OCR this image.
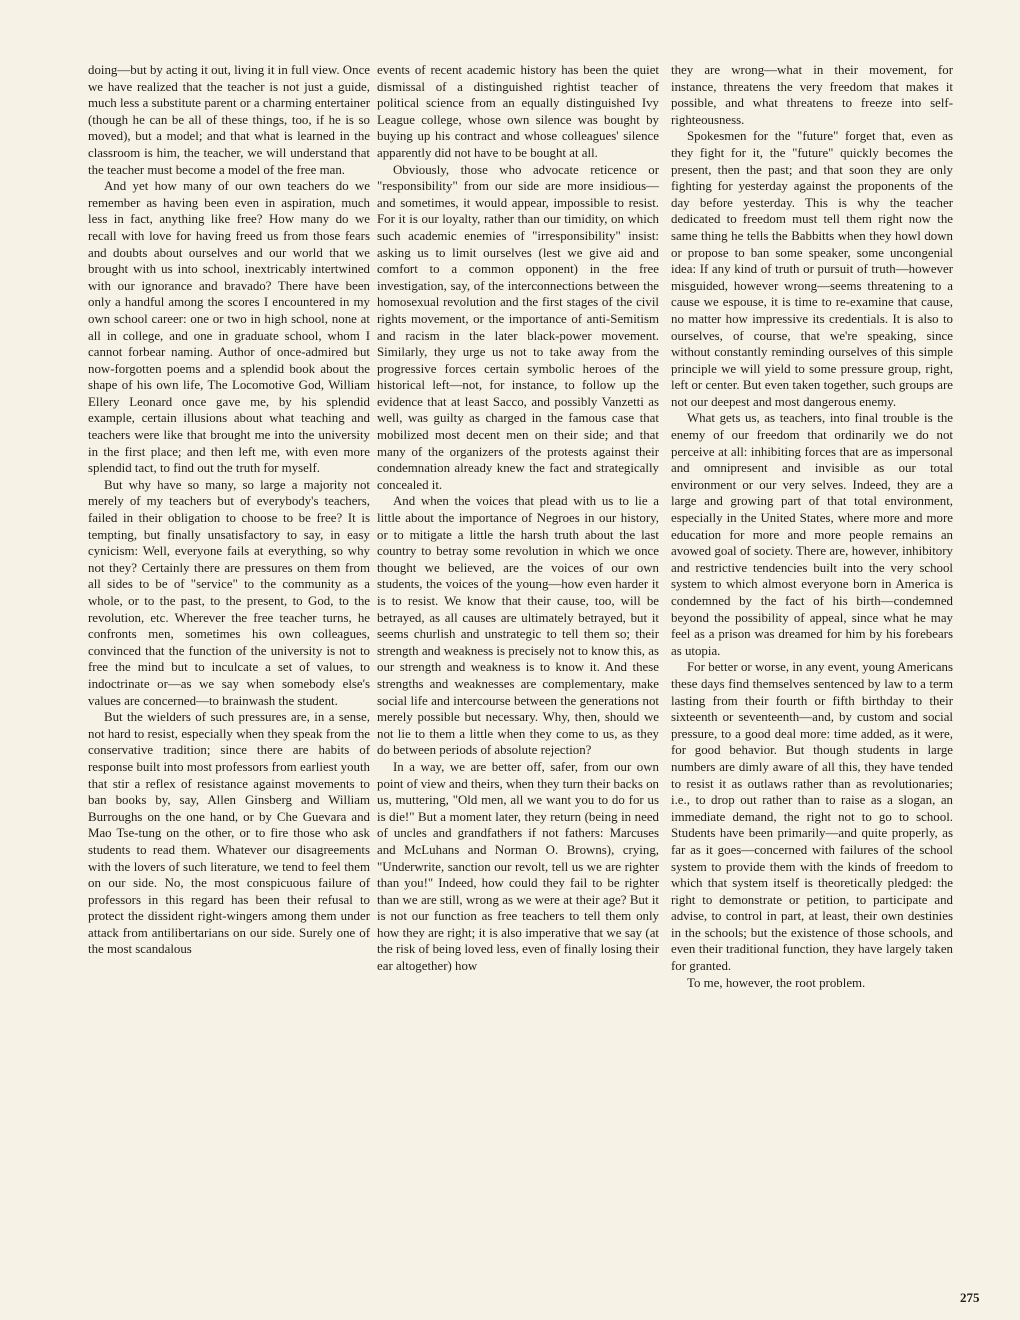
doing—but by acting it out, living it in full view. Once we have realized that the teacher is not just a guide, much less a substitute parent or a charming entertainer (though he can be all of these things, too, if he is so moved), but a model; and that what is learned in the classroom is him, the teacher, we will understand that the teacher must become a model of the free man.

And yet how many of our own teachers do we remember as having been even in aspiration, much less in fact, anything like free? How many do we recall with love for having freed us from those fears and doubts about ourselves and our world that we brought with us into school, inextricably intertwined with our ignorance and bravado? There have been only a handful among the scores I encountered in my own school career: one or two in high school, none at all in college, and one in graduate school, whom I cannot forbear naming. Author of once-admired but now-forgotten poems and a splendid book about the shape of his own life, The Locomotive God, William Ellery Leonard once gave me, by his splendid example, certain illusions about what teaching and teachers were like that brought me into the university in the first place; and then left me, with even more splendid tact, to find out the truth for myself.

But why have so many, so large a majority not merely of my teachers but of everybody's teachers, failed in their obligation to choose to be free? It is tempting, but finally unsatisfactory to say, in easy cynicism: Well, everyone fails at everything, so why not they? Certainly there are pressures on them from all sides to be of "service" to the community as a whole, or to the past, to the present, to God, to the revolution, etc. Wherever the free teacher turns, he confronts men, sometimes his own colleagues, convinced that the function of the university is not to free the mind but to inculcate a set of values, to indoctrinate or—as we say when somebody else's values are concerned—to brainwash the student.

But the wielders of such pressures are, in a sense, not hard to resist, especially when they speak from the conservative tradition; since there are habits of response built into most professors from earliest youth that stir a reflex of resistance against movements to ban books by, say, Allen Ginsberg and William Burroughs on the one hand, or by Che Guevara and Mao Tse-tung on the other, or to fire those who ask students to read them. Whatever our disagreements with the lovers of such literature, we tend to feel them on our side. No, the most conspicuous failure of professors in this regard has been their refusal to protect the dissident right-wingers among them under attack from antilibertarians on our side. Surely one of the most scandalous

events of recent academic history has been the quiet dismissal of a distinguished rightist teacher of political science from an equally distinguished Ivy League college, whose own silence was bought by buying up his contract and whose colleagues' silence apparently did not have to be bought at all.

Obviously, those who advocate reticence or "responsibility" from our side are more insidious—and sometimes, it would appear, impossible to resist. For it is our loyalty, rather than our timidity, on which such academic enemies of "irresponsibility" insist: asking us to limit ourselves (lest we give aid and comfort to a common opponent) in the free investigation, say, of the interconnections between the homosexual revolution and the first stages of the civil rights movement, or the importance of anti-Semitism and racism in the later black-power movement. Similarly, they urge us not to take away from the progressive forces certain symbolic heroes of the historical left—not, for instance, to follow up the evidence that at least Sacco, and possibly Vanzetti as well, was guilty as charged in the famous case that mobilized most decent men on their side; and that many of the organizers of the protests against their condemnation already knew the fact and strategically concealed it.

And when the voices that plead with us to lie a little about the importance of Negroes in our history, or to mitigate a little the harsh truth about the last country to betray some revolution in which we once thought we believed, are the voices of our own students, the voices of the young—how even harder it is to resist. We know that their cause, too, will be betrayed, as all causes are ultimately betrayed, but it seems churlish and unstrategic to tell them so; their strength and weakness is precisely not to know this, as our strength and weakness is to know it. And these strengths and weaknesses are complementary, make social life and intercourse between the generations not merely possible but necessary. Why, then, should we not lie to them a little when they come to us, as they do between periods of absolute rejection?

In a way, we are better off, safer, from our own point of view and theirs, when they turn their backs on us, muttering, "Old men, all we want you to do for us is die!" But a moment later, they return (being in need of uncles and grandfathers if not fathers: Marcuses and McLuhans and Norman O. Browns), crying, "Underwrite, sanction our revolt, tell us we are righter than you!" Indeed, how could they fail to be righter than we are still, wrong as we were at their age? But it is not our function as free teachers to tell them only how they are right; it is also imperative that we say (at the risk of being loved less, even of finally losing their ear altogether) how

they are wrong—what in their movement, for instance, threatens the very freedom that makes it possible, and what threatens to freeze into self-righteousness.

Spokesmen for the "future" forget that, even as they fight for it, the "future" quickly becomes the present, then the past; and that soon they are only fighting for yesterday against the proponents of the day before yesterday. This is why the teacher dedicated to freedom must tell them right now the same thing he tells the Babbitts when they howl down or propose to ban some speaker, some uncongenial idea: If any kind of truth or pursuit of truth—however misguided, however wrong—seems threatening to a cause we espouse, it is time to re-examine that cause, no matter how impressive its credentials. It is also to ourselves, of course, that we're speaking, since without constantly reminding ourselves of this simple principle we will yield to some pressure group, right, left or center. But even taken together, such groups are not our deepest and most dangerous enemy.

What gets us, as teachers, into final trouble is the enemy of our freedom that ordinarily we do not perceive at all: inhibiting forces that are as impersonal and omnipresent and invisible as our total environment or our very selves. Indeed, they are a large and growing part of that total environment, especially in the United States, where more and more education for more and more people remains an avowed goal of society. There are, however, inhibitory and restrictive tendencies built into the very school system to which almost everyone born in America is condemned by the fact of his birth—condemned beyond the possibility of appeal, since what he may feel as a prison was dreamed for him by his forebears as utopia.

For better or worse, in any event, young Americans these days find themselves sentenced by law to a term lasting from their fourth or fifth birthday to their sixteenth or seventeenth—and, by custom and social pressure, to a good deal more: time added, as it were, for good behavior. But though students in large numbers are dimly aware of all this, they have tended to resist it as outlaws rather than as revolutionaries; i.e., to drop out rather than to raise as a slogan, an immediate demand, the right not to go to school. Students have been primarily—and quite properly, as far as it goes—concerned with failures of the school system to provide them with the kinds of freedom to which that system itself is theoretically pledged: the right to demonstrate or petition, to participate and advise, to control in part, at least, their own destinies in the schools; but the existence of those schools, and even their traditional function, they have largely taken for granted.

To me, however, the root problem.

275
